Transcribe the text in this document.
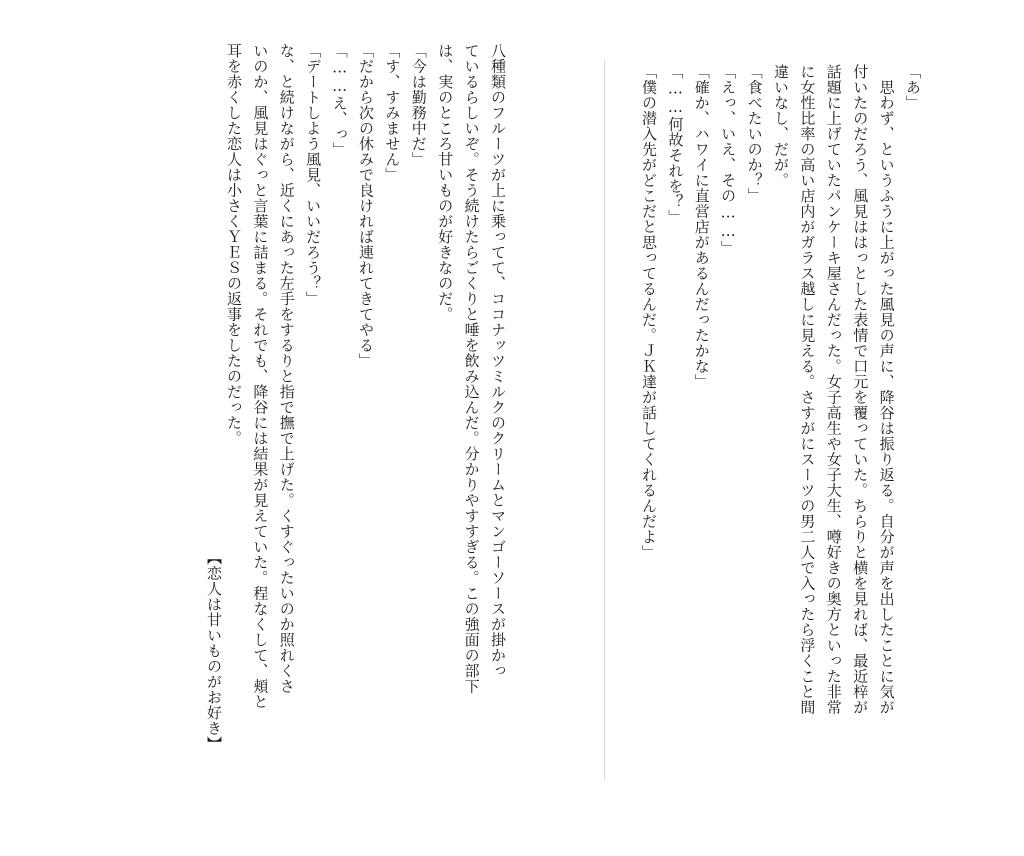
「あ」

　思わず、というふうに上がった風見の声に、降谷は振り返る。自分が声を出したことに気が

付いたのだろう、風見ははっとした表情で口元を覆っていた。ちらりと横を見れば、最近梓が

話題に上げていたパンケーキ屋さんだった。女子高生や女子大生、噂好きの奥方といった非常

に女性比率の高い店内がガラス越しに見える。さすがにスーツの男二人で入ったら浮くこと間

違いなし、だが。

「食べたいのか？」

「えっ、いえ、その……」

「確か、ハワイに直営店があるんだったかな」

「……何故それを？」

「僕の潜入先がどこだと思ってるんだ。ＪＫ達が話してくれるんだよ」

八種類のフルーツが上に乗ってて、ココナッツミルクのクリームとマンゴーソースが掛かっ

ているらしいぞ。そう続けたらごくりと唾を飲み込んだ。分かりやすすぎる。この強面の部下

は、実のところ甘いものが好きなのだ。

「今は勤務中だ」

「す、すみません」

「だから次の休みで良ければ連れてきてやる」

「……え、っ」

「デートしよう風見、いいだろう？」

な、と続けながら、近くにあった左手をするりと指で撫で上げた。くすぐったいのか照れくさ

いのか、風見はぐっと言葉に詰まる。それでも、降谷には結果が見えていた。程なくして、頬と

耳を赤くした恋人は小さくＹＥＳの返事をしたのだった。

【恋人は甘いものがお好き】
